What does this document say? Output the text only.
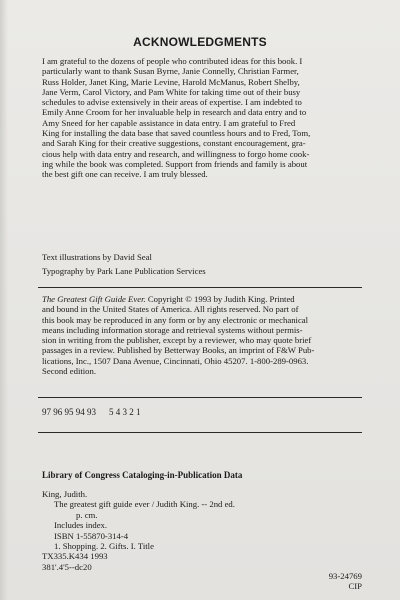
ACKNOWLEDGMENTS

I am grateful to the dozens of people who contributed ideas for this book. I
particularly want to thank Susan Byrne, Janie Connelly, Christian Farmer,
Russ Holder, Janet King, Marie Levine, Harold McManus, Robert Shelby,
Jane Verm, Carol Victory, and Pam White for taking time out of their busy
schedules to advise extensively in their areas of expertise. I am indebted to
Emily Anne Croom for her invaluable help in research and data entry and to
Amy Sneed for her capable assistance in data entry. I am grateful to Fred
King for installing the data base that saved countless hours and to Fred, Tom,
and Sarah King for their creative suggestions, constant encouragement, gra-
cious help with data entry and research, and willingness to forgo home cook-
ing while the book was completed. Support from friends and family is about
the best gift one can receive. I am truly blessed.

Text illustrations by David Seal
Typography by Park Lane Publication Services

The Greatest Gift Guide Ever. Copyright © 1993 by Judith King. Printed
and bound in the United States of America. All rights reserved. No part of
this book may be reproduced in any form or by any electronic or mechanical
means including information storage and retrieval systems without permis-
sion in writing from the publisher, except by a reviewer, who may quote brief
passages in a review. Published by Betterway Books, an imprint of F&W Pub-
lications, Inc., 1507 Dana Avenue, Cincinnati, Ohio 45207. 1-800-289-0963.
Second edition.

97 96 95 94 93 5 4 3 2 1
Library of Congress Cataloging-in-Publication Data
King, Judith.
The greatest gift guide ever / Judith King. -- 2nd ed.
p. cm.
Includes index.
ISBN 1-55870-314-4
1. Shopping. 2. Gifts. I. Title
TX335.K434 1993
381'.4'5--dc20
93-24769
CIP
